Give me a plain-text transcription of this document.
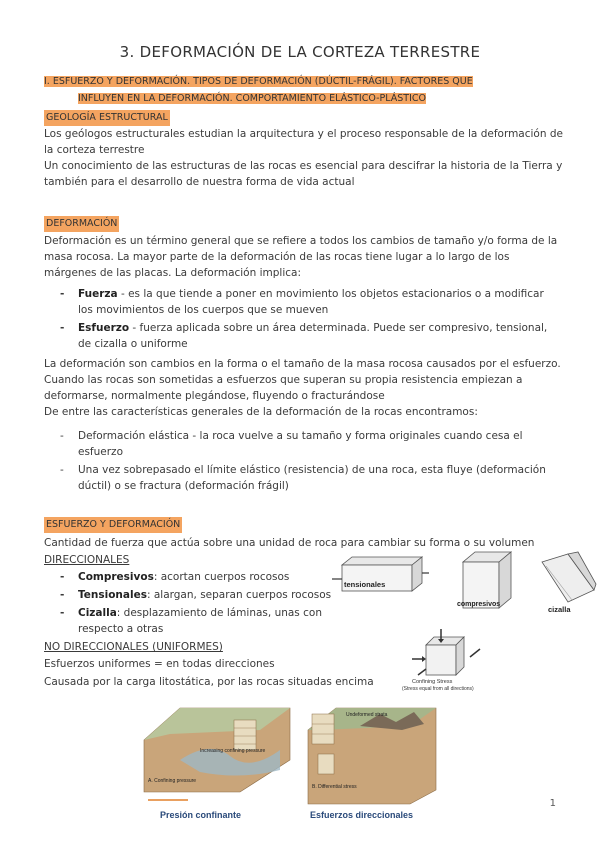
3. DEFORMACIÓN DE LA CORTEZA TERRESTRE
I. ESFUERZO Y DEFORMACIÓN. TIPOS DE DEFORMACIÓN (DÚCTIL-FRÁGIL). FACTORES QUE
INFLUYEN EN LA DEFORMACIÓN. COMPORTAMIENTO ELÁSTICO-PLÁSTICO
GEOLOGÍA ESTRUCTURAL

Los geólogos estructurales estudian la arquitectura y el proceso responsable de la deformación de la corteza terrestre

Un conocimiento de las estructuras de las rocas es esencial para descifrar la historia de la Tierra y también para el desarrollo de nuestra forma de vida actual

DEFORMACIÓN
Deformación es un término general que se refiere a todos los cambios de tamaño y/o forma de la masa rocosa. La mayor parte de la deformación de las rocas tiene lugar a lo largo de los márgenes de las placas. La deformación implica:
- Fuerza - es la que tiende a poner en movimiento los objetos estacionarios o a modificar los movimientos de los cuerpos que se mueven
- Esfuerzo - fuerza aplicada sobre un área determinada. Puede ser compresivo, tensional, de cizalla o uniforme

La deformación son cambios en la forma o el tamaño de la masa rocosa causados por el esfuerzo. Cuando las rocas son sometidas a esfuerzos que superan su propia resistencia empiezan a deformarse, normalmente plegándose, fluyendo o fracturándose

De entre las características generales de la deformación de la rocas encontramos:

- Deformación elástica - la roca vuelve a su tamaño y forma originales cuando cesa el esfuerzo
- Una vez sobrepasado el límite elástico (resistencia) de una roca, esta fluye (deformación dúctil) o se fractura (deformación frágil)
ESFUERZO Y DEFORMACIÓN
Cantidad de fuerza que actúa sobre una unidad de roca para cambiar su forma o su volumen
DIRECCIONALES
- Compresivos: acortan cuerpos rocosos
- Tensionales: alargan, separan cuerpos rocosos
- Cizalla: desplazamiento de láminas, unas con respecto a otras
NO DIRECCIONALES (UNIFORMES)
Esfuerzos uniformes = en todas direcciones
Causada por la carga litostática, por las rocas situadas encima
tensionales
compresivos
cizalla
Confining Stress
(Stress equal from all directions)
Increasing confining pressure
A. Confining pressure
Undeformed strata
B. Differential stress
Presión confinante	Esfuerzos direccionales
1
